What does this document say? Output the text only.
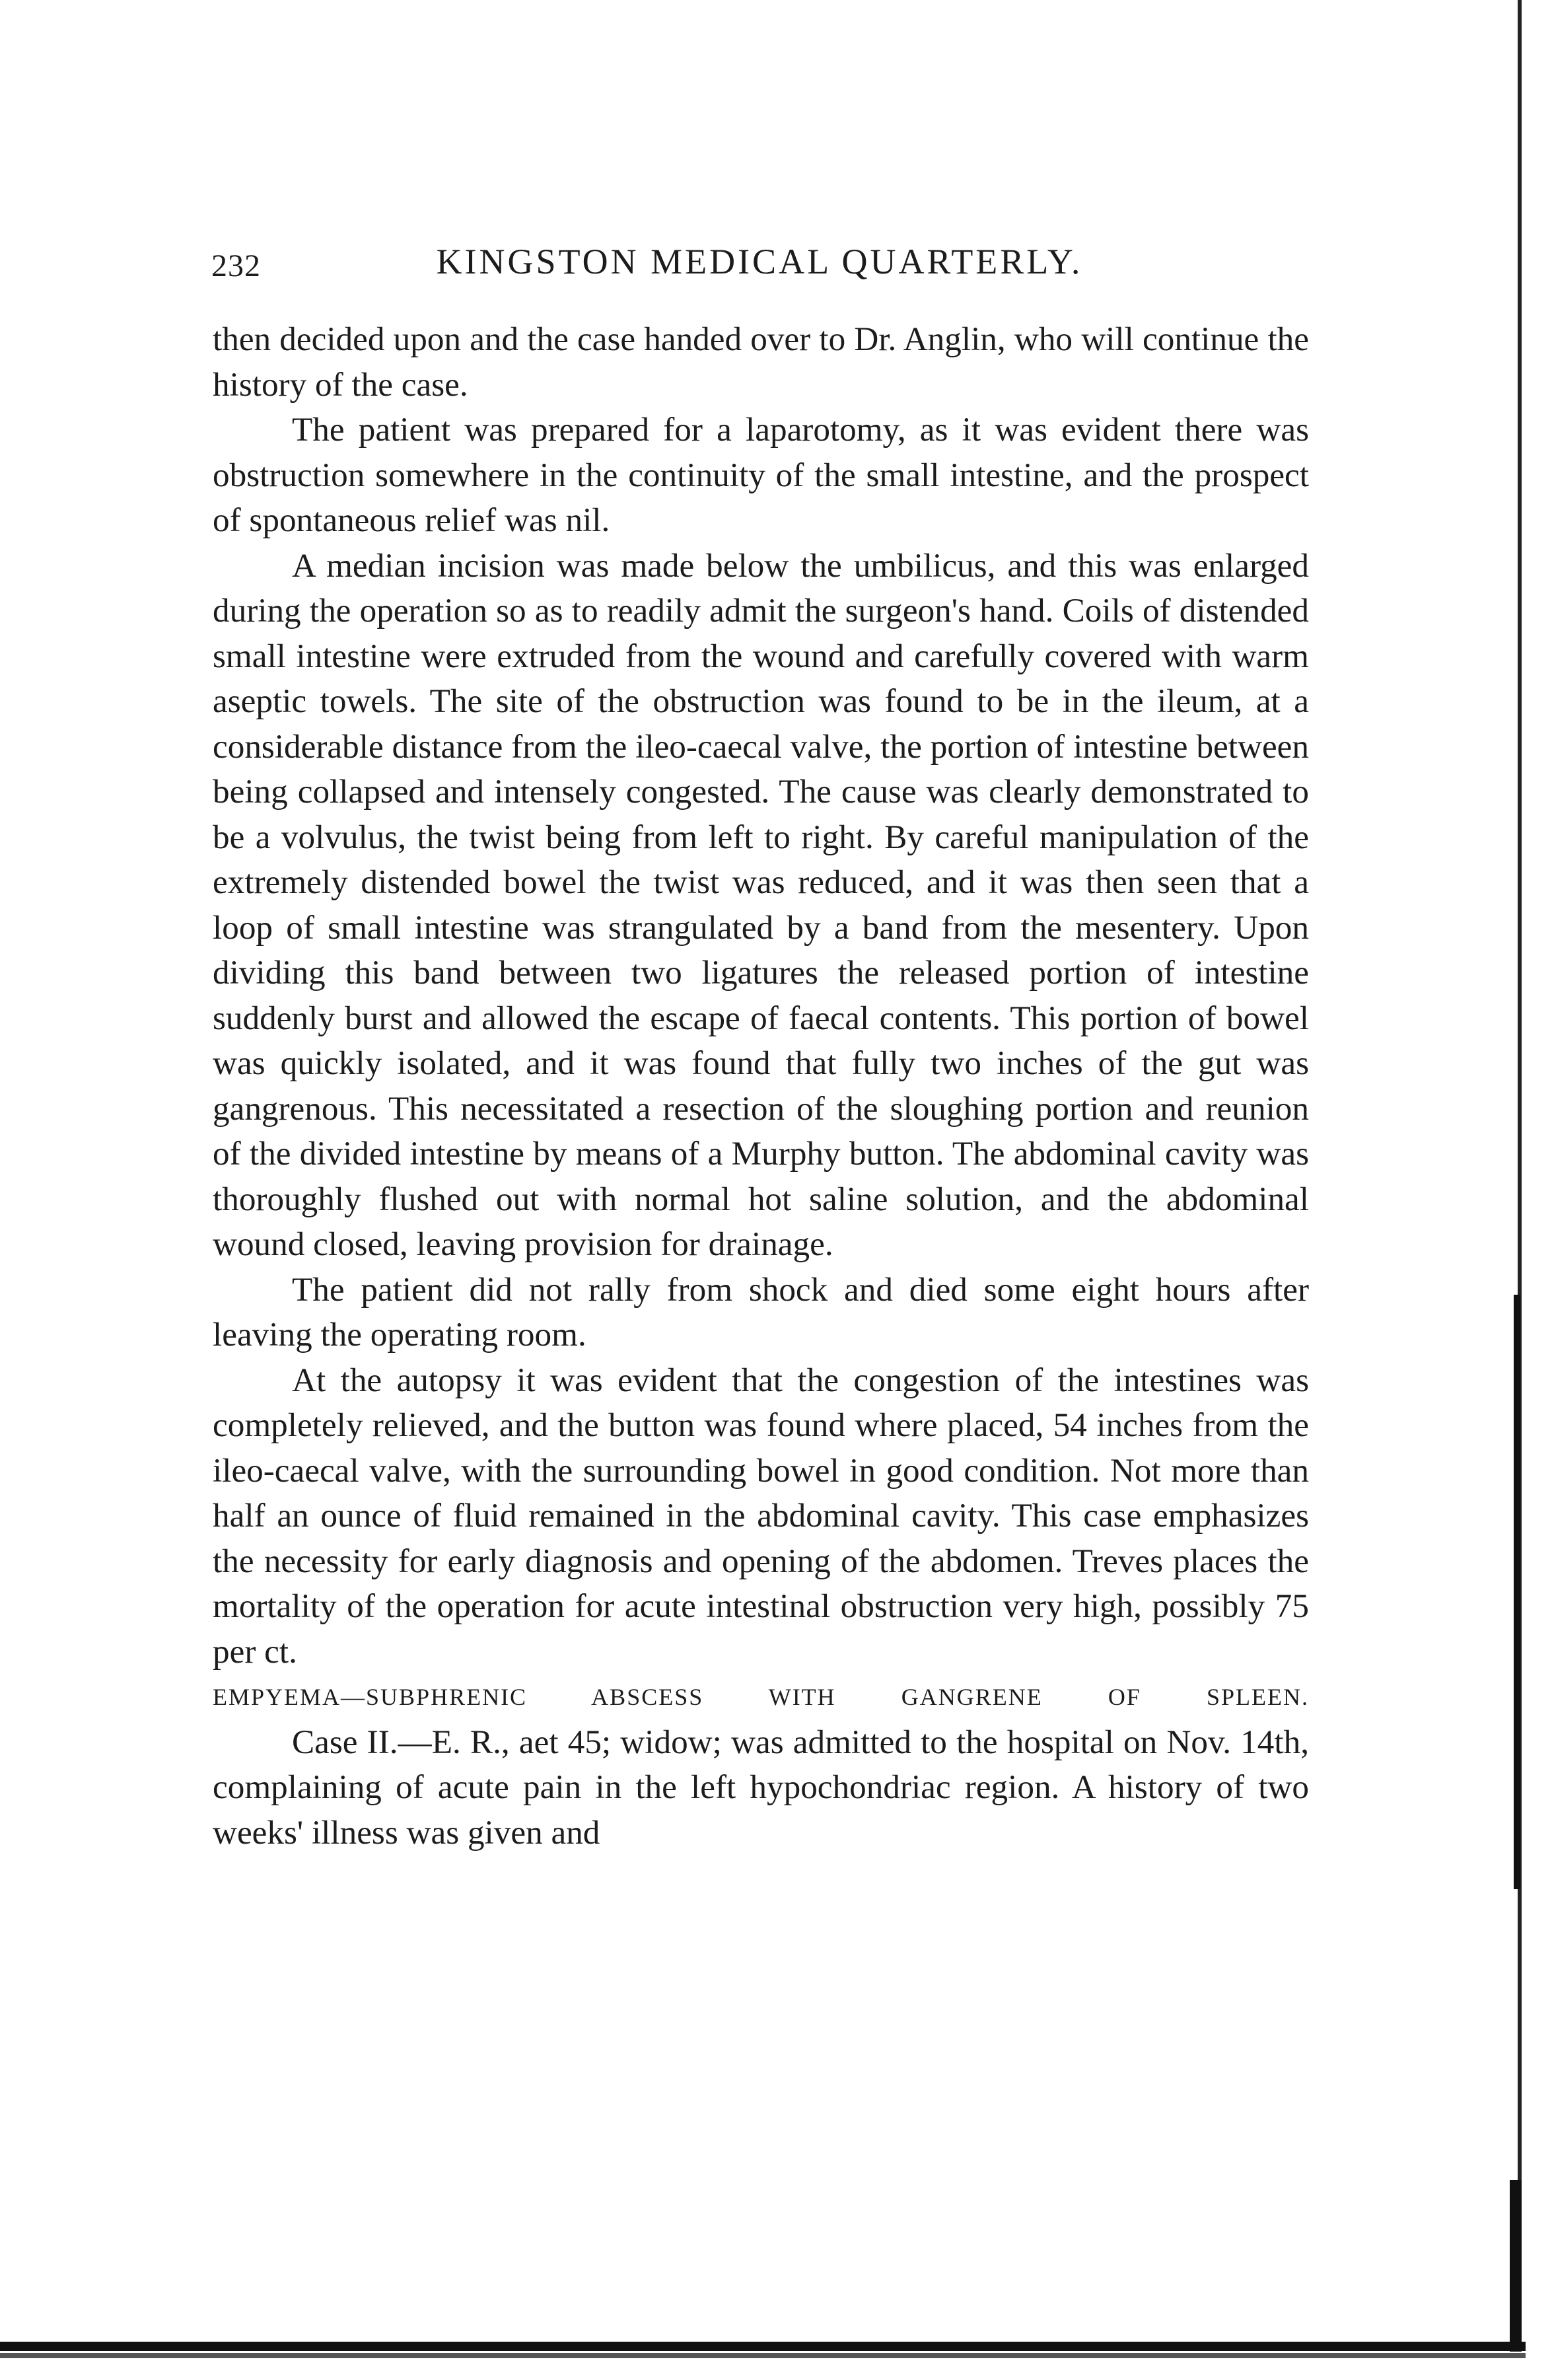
232	KINGSTON MEDICAL QUARTERLY.

then decided upon and the case handed over to Dr. Anglin, who will continue the history of the case.

The patient was prepared for a laparotomy, as it was evident there was obstruction somewhere in the continuity of the small intestine, and the prospect of spontaneous relief was nil.

A median incision was made below the umbilicus, and this was enlarged during the operation so as to readily admit the surgeon's hand. Coils of distended small intestine were extruded from the wound and carefully covered with warm aseptic towels. The site of the obstruction was found to be in the ileum, at a considerable distance from the ileo-caecal valve, the portion of intestine between being collapsed and intensely congested. The cause was clearly demonstrated to be a volvulus, the twist being from left to right. By careful manipulation of the extremely distended bowel the twist was reduced, and it was then seen that a loop of small intestine was strangulated by a band from the mesentery. Upon dividing this band between two ligatures the released portion of intestine suddenly burst and allowed the escape of faecal contents. This portion of bowel was quickly isolated, and it was found that fully two inches of the gut was gangrenous. This necessitated a resection of the sloughing portion and reunion of the divided intestine by means of a Murphy button. The abdominal cavity was thoroughly flushed out with normal hot saline solution, and the abdominal wound closed, leaving provision for drainage.

The patient did not rally from shock and died some eight hours after leaving the operating room.

At the autopsy it was evident that the congestion of the intestines was completely relieved, and the button was found where placed, 54 inches from the ileo-caecal valve, with the surrounding bowel in good condition. Not more than half an ounce of fluid remained in the abdominal cavity. This case emphasizes the necessity for early diagnosis and opening of the abdomen. Treves places the mortality of the operation for acute intestinal obstruction very high, possibly 75 per ct.

EMPYEMA—SUBPHRENIC ABSCESS WITH GANGRENE OF SPLEEN.

Case II.—E. R., aet 45; widow; was admitted to the hospital on Nov. 14th, complaining of acute pain in the left hypochondriac region. A history of two weeks' illness was given and
